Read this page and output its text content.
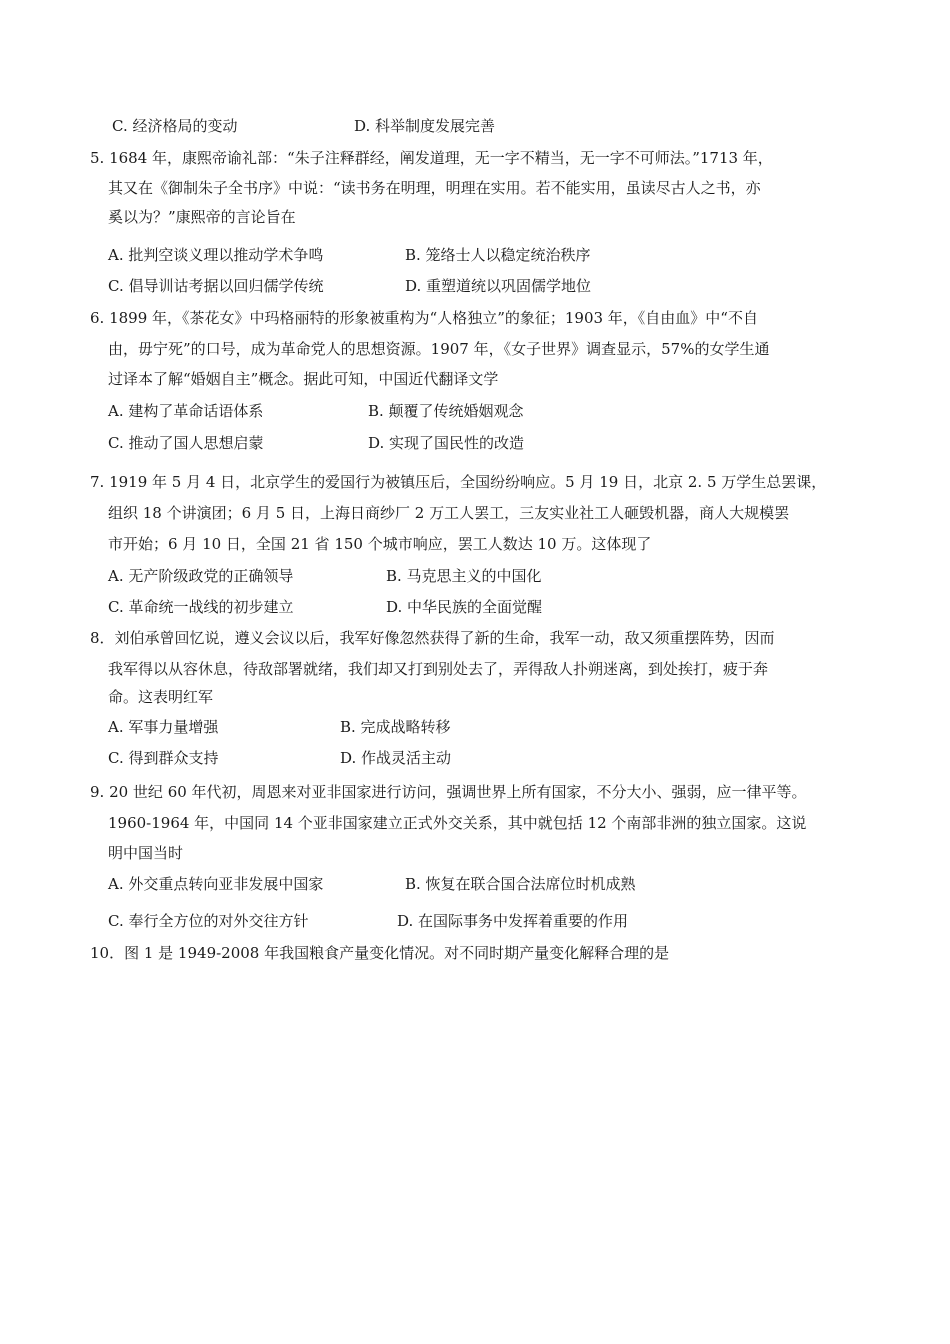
C. 经济格局的变动	D. 科举制度发展完善
5. 1684 年，康熙帝谕礼部：“朱子注释群经，阐发道理，无一字不精当，无一字不可师法。”1713 年，
其又在《御制朱子全书序》中说：“读书务在明理，明理在实用。若不能实用，虽读尽古人之书，亦
奚以为？”康熙帝的言论旨在
A. 批判空谈义理以推动学术争鸣	B. 笼络士人以稳定统治秩序
C. 倡导训诂考据以回归儒学传统	D. 重塑道统以巩固儒学地位
6. 1899 年，《茶花女》中玛格丽特的形象被重构为“人格独立”的象征；1903 年，《自由血》中“不自
由，毋宁死”的口号，成为革命党人的思想资源。1907 年，《女子世界》调查显示，57%的女学生通
过译本了解“婚姻自主”概念。据此可知，中国近代翻译文学
A. 建构了革命话语体系	B. 颠覆了传统婚姻观念
C. 推动了国人思想启蒙	D. 实现了国民性的改造
7. 1919 年 5 月 4 日，北京学生的爱国行为被镇压后，全国纷纷响应。5 月 19 日，北京 2. 5 万学生总罢课，
组织 18 个讲演团；6 月 5 日，上海日商纱厂 2 万工人罢工，三友实业社工人砸毁机器，商人大规模罢
市开始；6 月 10 日，全国 21 省 150 个城市响应，罢工人数达 10 万。这体现了
A. 无产阶级政党的正确领导	B. 马克思主义的中国化
C. 革命统一战线的初步建立	D. 中华民族的全面觉醒
8．刘伯承曾回忆说，遵义会议以后，我军好像忽然获得了新的生命，我军一动，敌又须重摆阵势，因而
我军得以从容休息，待敌部署就绪，我们却又打到别处去了，弄得敌人扑朔迷离，到处挨打，疲于奔
命。这表明红军
A. 军事力量增强	B. 完成战略转移
C. 得到群众支持	D. 作战灵活主动
9. 20 世纪 60 年代初，周恩来对亚非国家进行访问，强调世界上所有国家，不分大小、强弱，应一律平等。
1960-1964 年，中国同 14 个亚非国家建立正式外交关系，其中就包括 12 个南部非洲的独立国家。这说
明中国当时
A. 外交重点转向亚非发展中国家	B. 恢复在联合国合法席位时机成熟
C. 奉行全方位的对外交往方针	D. 在国际事务中发挥着重要的作用
10．图 1 是 1949-2008 年我国粮食产量变化情况。对不同时期产量变化解释合理的是
